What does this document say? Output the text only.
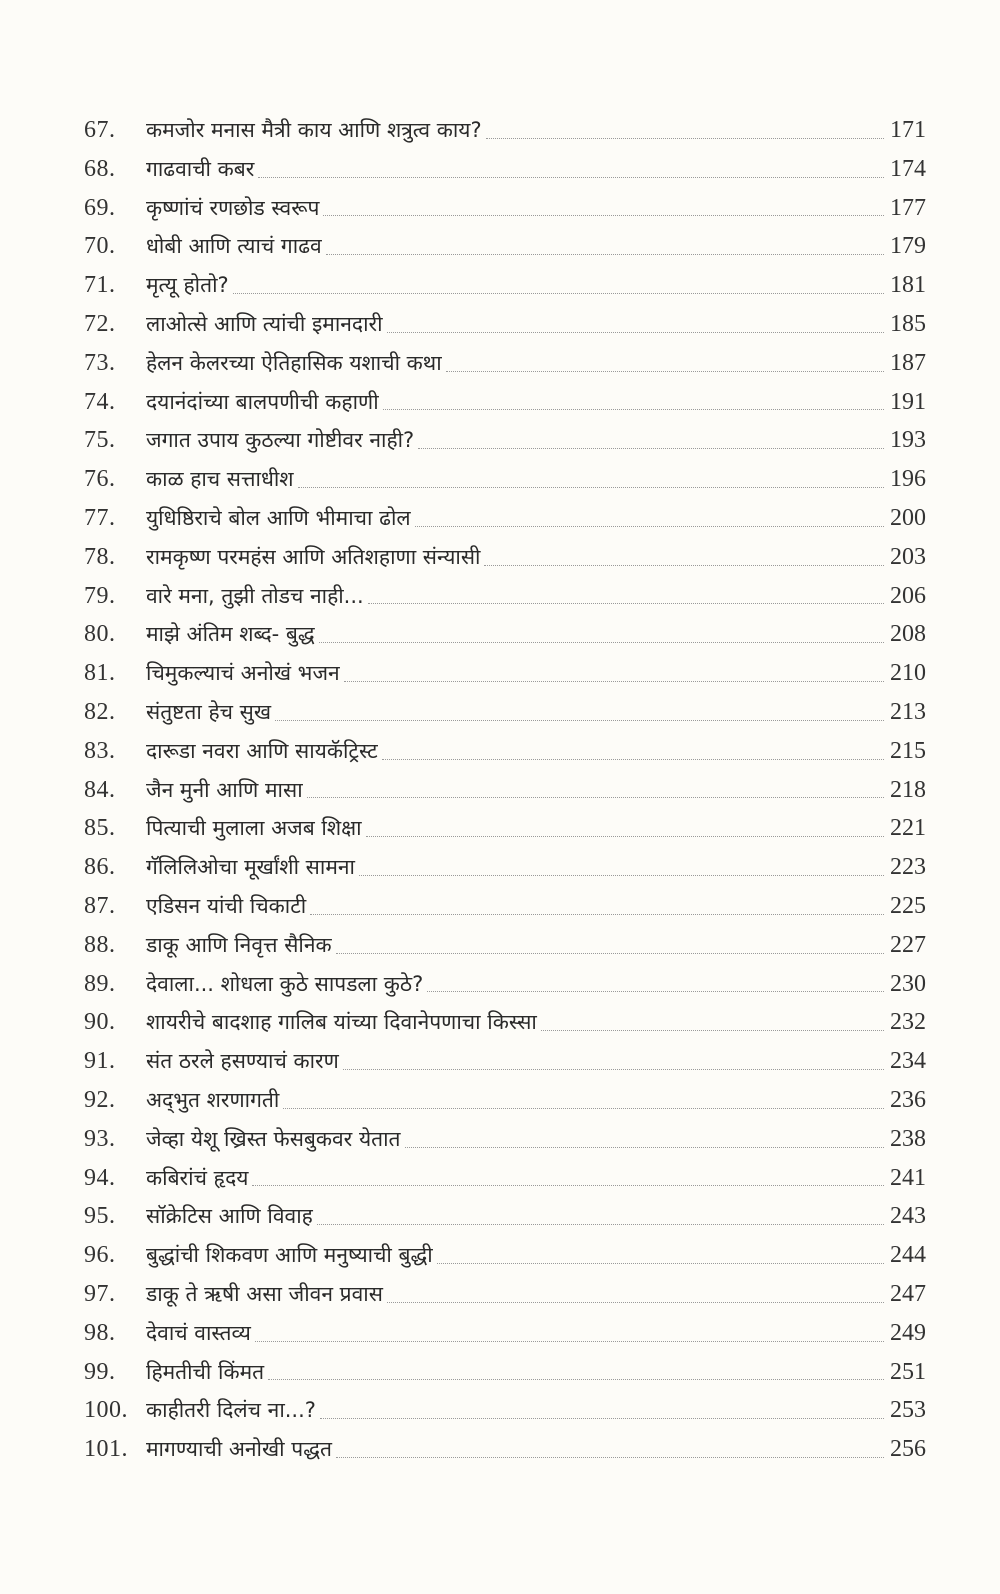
67.	कमजोर मनास मैत्री काय आणि शत्रुत्व काय?	171
68.	गाढवाची कबर	174
69.	कृष्णांचं रणछोड स्वरूप	177
70.	धोबी आणि त्याचं गाढव	179
71.	मृत्यू होतो?	181
72.	लाओत्से आणि त्यांची इमानदारी	185
73.	हेलन केलरच्या ऐतिहासिक यशाची कथा	187
74.	दयानंदांच्या बालपणीची कहाणी	191
75.	जगात उपाय कुठल्या गोष्टीवर नाही?	193
76.	काळ हाच सत्ताधीश	196
77.	युधिष्ठिराचे बोल आणि भीमाचा ढोल	200
78.	रामकृष्ण परमहंस आणि अतिशहाणा संन्यासी	203
79.	वारे मना, तुझी तोडच नाही...	206
80.	माझे अंतिम शब्द- बुद्ध	208
81.	चिमुकल्याचं अनोखं भजन	210
82.	संतुष्टता हेच सुख	213
83.	दारूडा नवरा आणि सायकॅट्रिस्ट	215
84.	जैन मुनी आणि मासा	218
85.	पित्याची मुलाला अजब शिक्षा	221
86.	गॅलिलिओचा मूर्खांशी सामना	223
87.	एडिसन यांची चिकाटी	225
88.	डाकू आणि निवृत्त सैनिक	227
89.	देवाला... शोधला कुठे सापडला कुठे?	230
90.	शायरीचे बादशाह गालिब यांच्या दिवानेपणाचा किस्सा	232
91.	संत ठरले हसण्याचं कारण	234
92.	अद्‍भुत शरणागती	236
93.	जेव्हा येशू ख्रिस्त फेसबुकवर येतात	238
94.	कबिरांचं हृदय	241
95.	सॉक्रेटिस आणि विवाह	243
96.	बुद्धांची शिकवण आणि मनुष्याची बुद्धी	244
97.	डाकू ते ऋषी असा जीवन प्रवास	247
98.	देवाचं वास्तव्य	249
99.	हिमतीची किंमत	251
100. काहीतरी दिलंच ना...?	253
101. मागण्याची अनोखी पद्धत	256
